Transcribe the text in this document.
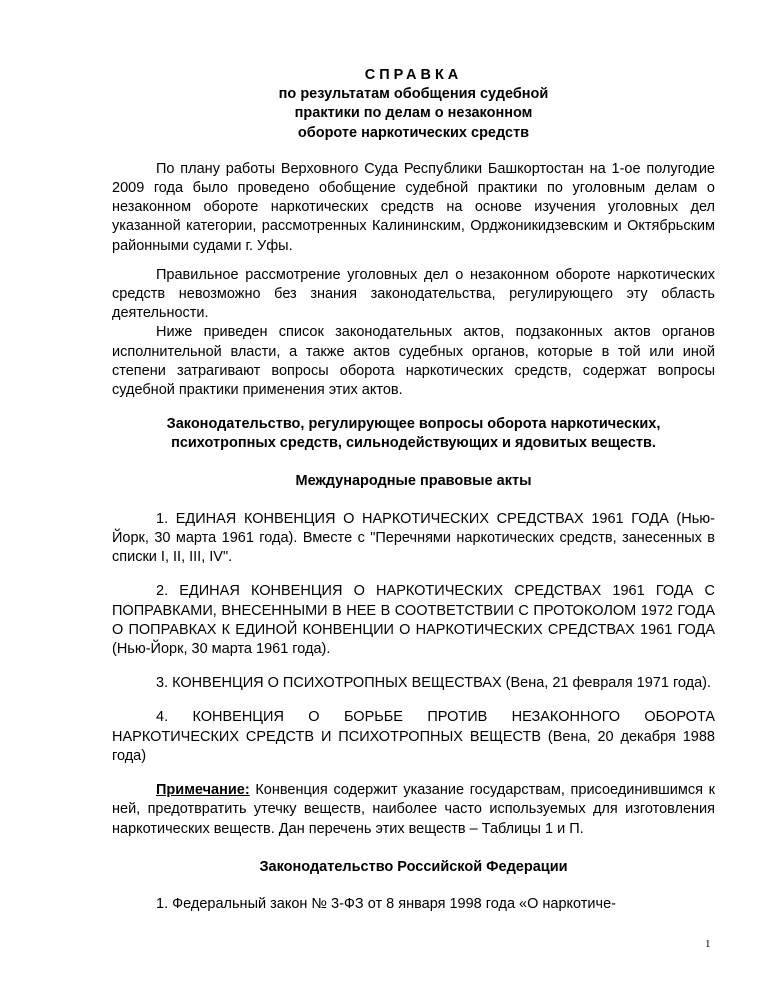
СПРАВКА
по результатам обобщения судебной
практики по делам о незаконном
обороте наркотических средств

По плану работы Верховного Суда Республики Башкортостан на 1-ое полугодие 2009 года было проведено обобщение судебной практики по уголовным делам о незаконном обороте наркотических средств на основе изучения уголовных дел указанной категории, рассмотренных Калининским, Орджоникидзевским и Октябрьским районными судами г. Уфы.

Правильное рассмотрение уголовных дел о незаконном обороте наркотических средств невозможно без знания законодательства, регулирующего эту область деятельности.

Ниже приведен список законодательных актов, подзаконных актов органов исполнительной власти, а также актов судебных органов, которые в той или иной степени затрагивают вопросы оборота наркотических средств, содержат вопросы судебной практики применения этих актов.

Законодательство, регулирующее вопросы оборота наркотических,
психотропных средств, сильнодействующих и ядовитых веществ.
Международные правовые акты

1. ЕДИНАЯ КОНВЕНЦИЯ О НАРКОТИЧЕСКИХ СРЕДСТВАХ 1961 ГОДА (Нью-Йорк, 30 марта 1961 года). Вместе с "Перечнями наркотических средств, занесенных в списки I, II, III, IV".

2. ЕДИНАЯ КОНВЕНЦИЯ О НАРКОТИЧЕСКИХ СРЕДСТВАХ 1961 ГОДА С ПОПРАВКАМИ, ВНЕСЕННЫМИ В НЕЕ В СООТВЕТСТВИИ С ПРОТОКОЛОМ 1972 ГОДА О ПОПРАВКАХ К ЕДИНОЙ КОНВЕНЦИИ О НАРКОТИЧЕСКИХ СРЕДСТВАХ 1961 ГОДА (Нью-Йорк, 30 марта 1961 года).

3. КОНВЕНЦИЯ О ПСИХОТРОПНЫХ ВЕЩЕСТВАХ (Вена, 21 февраля 1971 года).

4. КОНВЕНЦИЯ О БОРЬБЕ ПРОТИВ НЕЗАКОННОГО ОБОРОТА НАРКОТИЧЕСКИХ СРЕДСТВ И ПСИХОТРОПНЫХ ВЕЩЕСТВ (Вена, 20 декабря 1988 года)

Примечание: Конвенция содержит указание государствам, присоединившимся к ней, предотвратить утечку веществ, наиболее часто используемых для изготовления наркотических веществ. Дан перечень этих веществ – Таблицы 1 и П.

Законодательство Российской Федерации

1. Федеральный закон № 3-ФЗ от 8 января 1998 года «О наркотиче-

1
